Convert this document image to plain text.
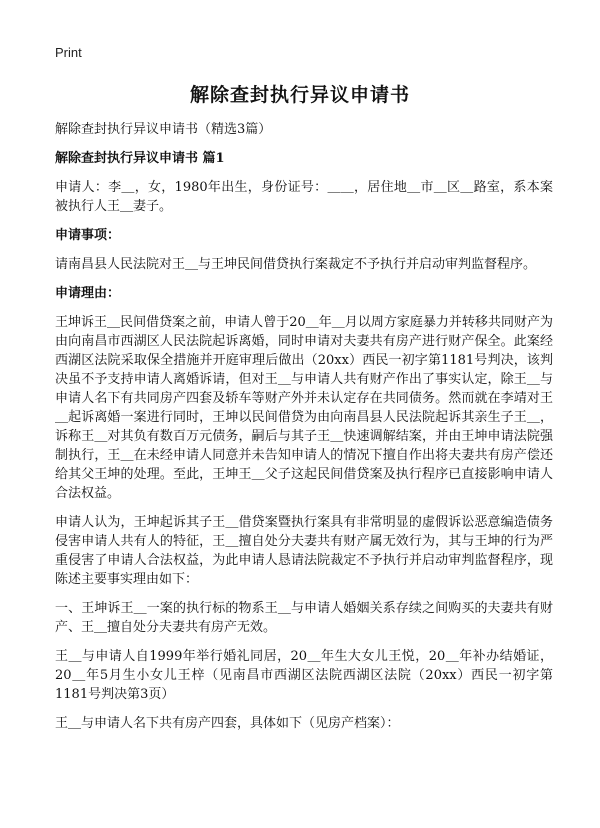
Print
解除查封执行异议申请书

解除查封执行异议申请书（精选3篇）

解除查封执行异议申请书 篇1

申请人：李＿，女，1980年出生，身份证号：＿＿，居住地＿市＿区＿路室，系本案被执行人王＿妻子。

申请事项：

请南昌县人民法院对王＿与王坤民间借贷执行案裁定不予执行并启动审判监督程序。

申请理由：

王坤诉王＿民间借贷案之前，申请人曾于20＿年＿月以周方家庭暴力并转移共同财产为由向南昌市西湖区人民法院起诉离婚，同时申请对夫妻共有房产进行财产保全。此案经西湖区法院采取保全措施并开庭审理后做出（20xx）西民一初字第1181号判决，该判决虽不予支持申请人离婚诉请，但对王＿与申请人共有财产作出了事实认定，除王＿与申请人名下有共同房产四套及轿车等财产外并未认定存在共同债务。然而就在李靖对王＿起诉离婚一案进行同时，王坤以民间借贷为由向南昌县人民法院起诉其亲生子王＿，诉称王＿对其负有数百万元债务，嗣后与其子王＿快速调解结案，并由王坤申请法院强制执行，王＿在未经申请人同意并未告知申请人的情况下擅自作出将夫妻共有房产偿还给其父王坤的处理。至此，王坤王＿父子这起民间借贷案及执行程序已直接影响申请人合法权益。

申请人认为，王坤起诉其子王＿借贷案暨执行案具有非常明显的虚假诉讼恶意编造债务侵害申请人共有人的特征，王＿擅自处分夫妻共有财产属无效行为，其与王坤的行为严重侵害了申请人合法权益，为此申请人恳请法院裁定不予执行并启动审判监督程序，现陈述主要事实理由如下：

一、王坤诉王＿一案的执行标的物系王＿与申请人婚姻关系存续之间购买的夫妻共有财产、王＿擅自处分夫妻共有房产无效。

王＿与申请人自1999年举行婚礼同居，20＿年生大女儿王悦，20＿年补办结婚证，20＿年5月生小女儿王梓（见南昌市西湖区法院西湖区法院（20xx）西民一初字第1181号判决第3页）

王＿与申请人名下共有房产四套，具体如下（见房产档案）：
